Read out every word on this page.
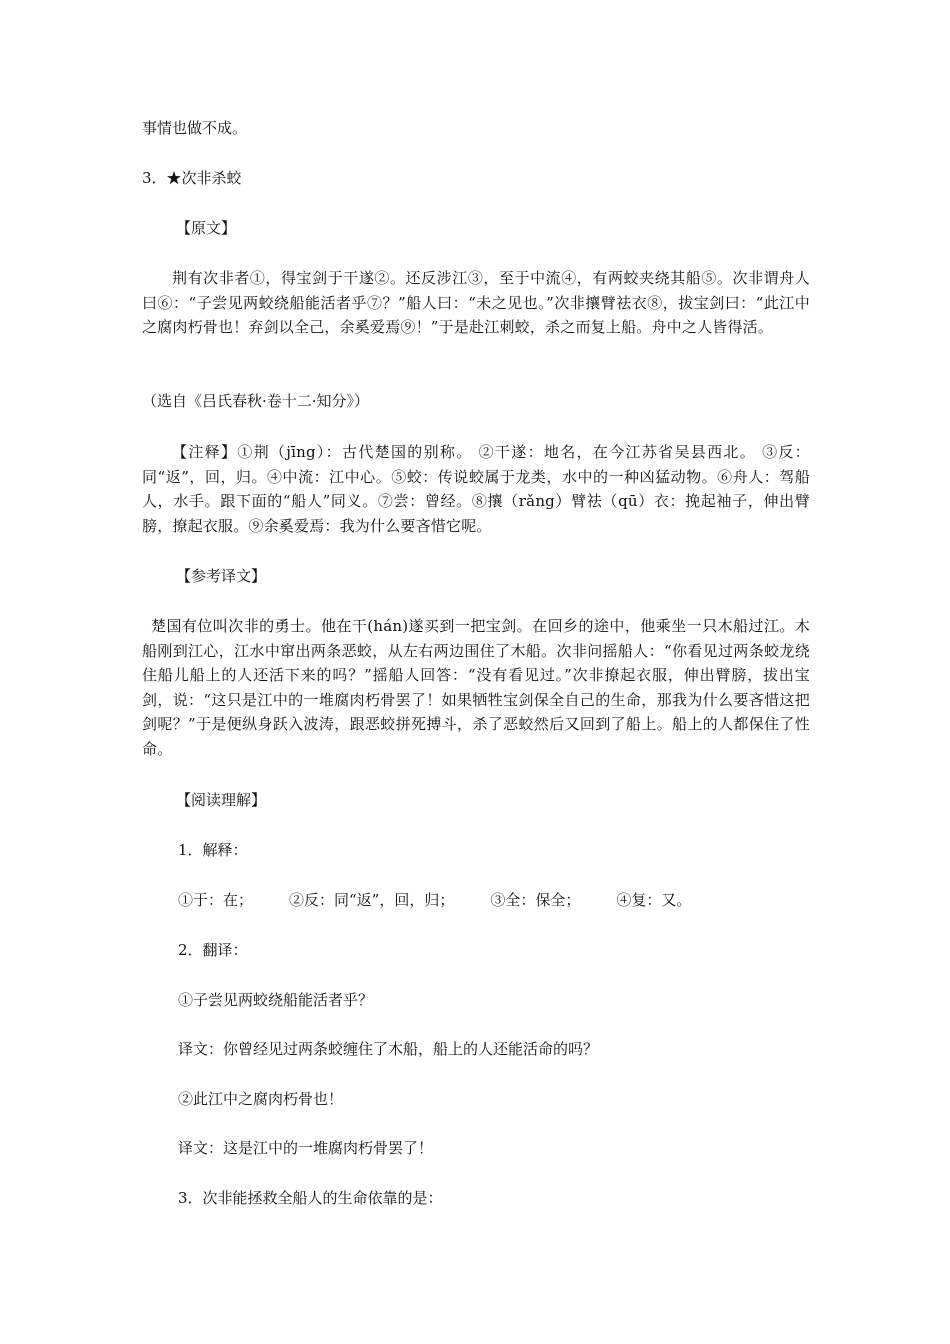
事情也做不成。
3．★次非杀蛟
【原文】
荆有次非者①，得宝剑于干遂②。还反涉江③，至于中流④，有两蛟夹绕其船⑤。次非谓舟人曰⑥：“子尝见两蛟绕船能活者乎⑦？”船人曰：“未之见也。”次非攘臂祛衣⑧，拔宝剑曰：“此江中之腐肉朽骨也！弃剑以全己，余奚爱焉⑨！”于是赴江刺蛟，杀之而复上船。舟中之人皆得活。
（选自《吕氏春秋·卷十二·知分》）
【注释】①荆（jīng）：古代楚国的别称。 ②干遂：地名，在今江苏省吴县西北。 ③反：同“返”，回，归。④中流：江中心。⑤蛟：传说蛟属于龙类，水中的一种凶猛动物。⑥舟人：驾船人，水手。跟下面的“船人”同义。⑦尝：曾经。⑧攘（rǎng）臂祛（qū）衣：挽起袖子，伸出臂膀，撩起衣服。⑨余奚爱焉：我为什么要吝惜它呢。
【参考译文】
楚国有位叫次非的勇士。他在干(hán)遂买到一把宝剑。在回乡的途中，他乘坐一只木船过江。木船刚到江心，江水中窜出两条恶蛟，从左右两边围住了木船。次非问摇船人：“你看见过两条蛟龙绕住船儿船上的人还活下来的吗？”摇船人回答：“没有看见过。”次非撩起衣服，伸出臂膀，拔出宝剑，说：“这只是江中的一堆腐肉朽骨罢了！如果牺牲宝剑保全自己的生命，那我为什么要吝惜这把剑呢？”于是便纵身跃入波涛，跟恶蛟拼死搏斗，杀了恶蛟然后又回到了船上。船上的人都保住了性命。
【阅读理解】
1．解释：
①于：在； ②反：同“返”，回，归； ③全：保全； ④复：又。
2．翻译：
①子尝见两蛟绕船能活者乎？
译文：你曾经见过两条蛟缠住了木船，船上的人还能活命的吗？
②此江中之腐肉朽骨也！
译文：这是江中的一堆腐肉朽骨罢了！
3．次非能拯救全船人的生命依靠的是：
